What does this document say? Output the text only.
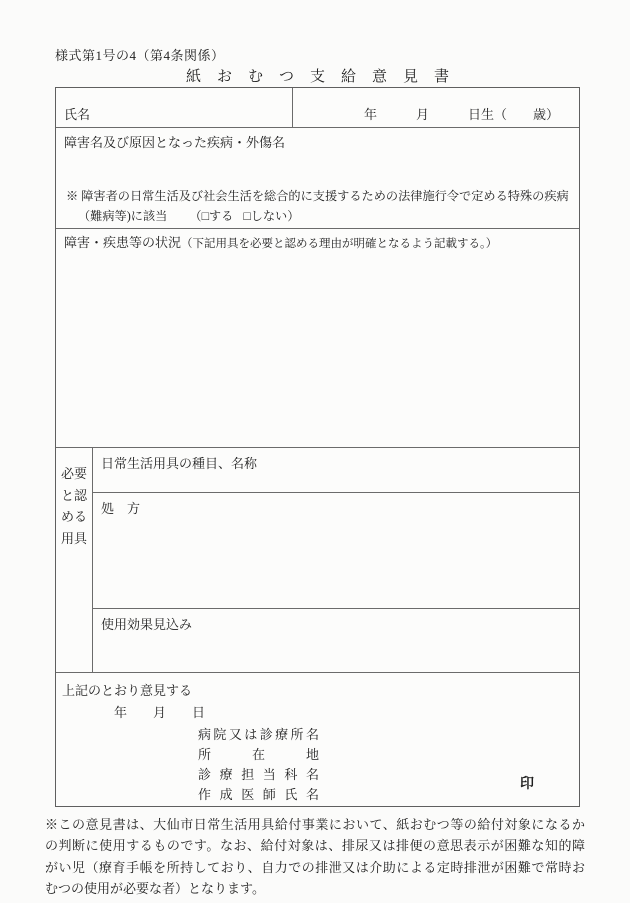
様式第1号の4（第4条関係）
紙おむつ支給意見書
氏名	年　　　月　　　日生（　　歳）
障害名及び原因となった疾病・外傷名
※ 障害者の日常生活及び社会生活を総合的に支援するための法律施行令で定める特殊の疾病
（難病等)に該当 （□する □しない）
障害・疾患等の状況（下記用具を必要と認める理由が明確となるよう記載する。）
必要と認める用具
日常生活用具の種目、名称
処　方
使用効果見込み
上記のとおり意見する
年　　月　　日
病院又は診療所名
所在地
診療担当科名
作成医師氏名
印
※この意見書は、大仙市日常生活用具給付事業において、紙おむつ等の給付対象になるか
の判断に使用するものです。なお、給付対象は、排尿又は排便の意思表示が困難な知的障
がい児（療育手帳を所持しており、自力での排泄又は介助による定時排泄が困難で常時お
むつの使用が必要な者）となります。
